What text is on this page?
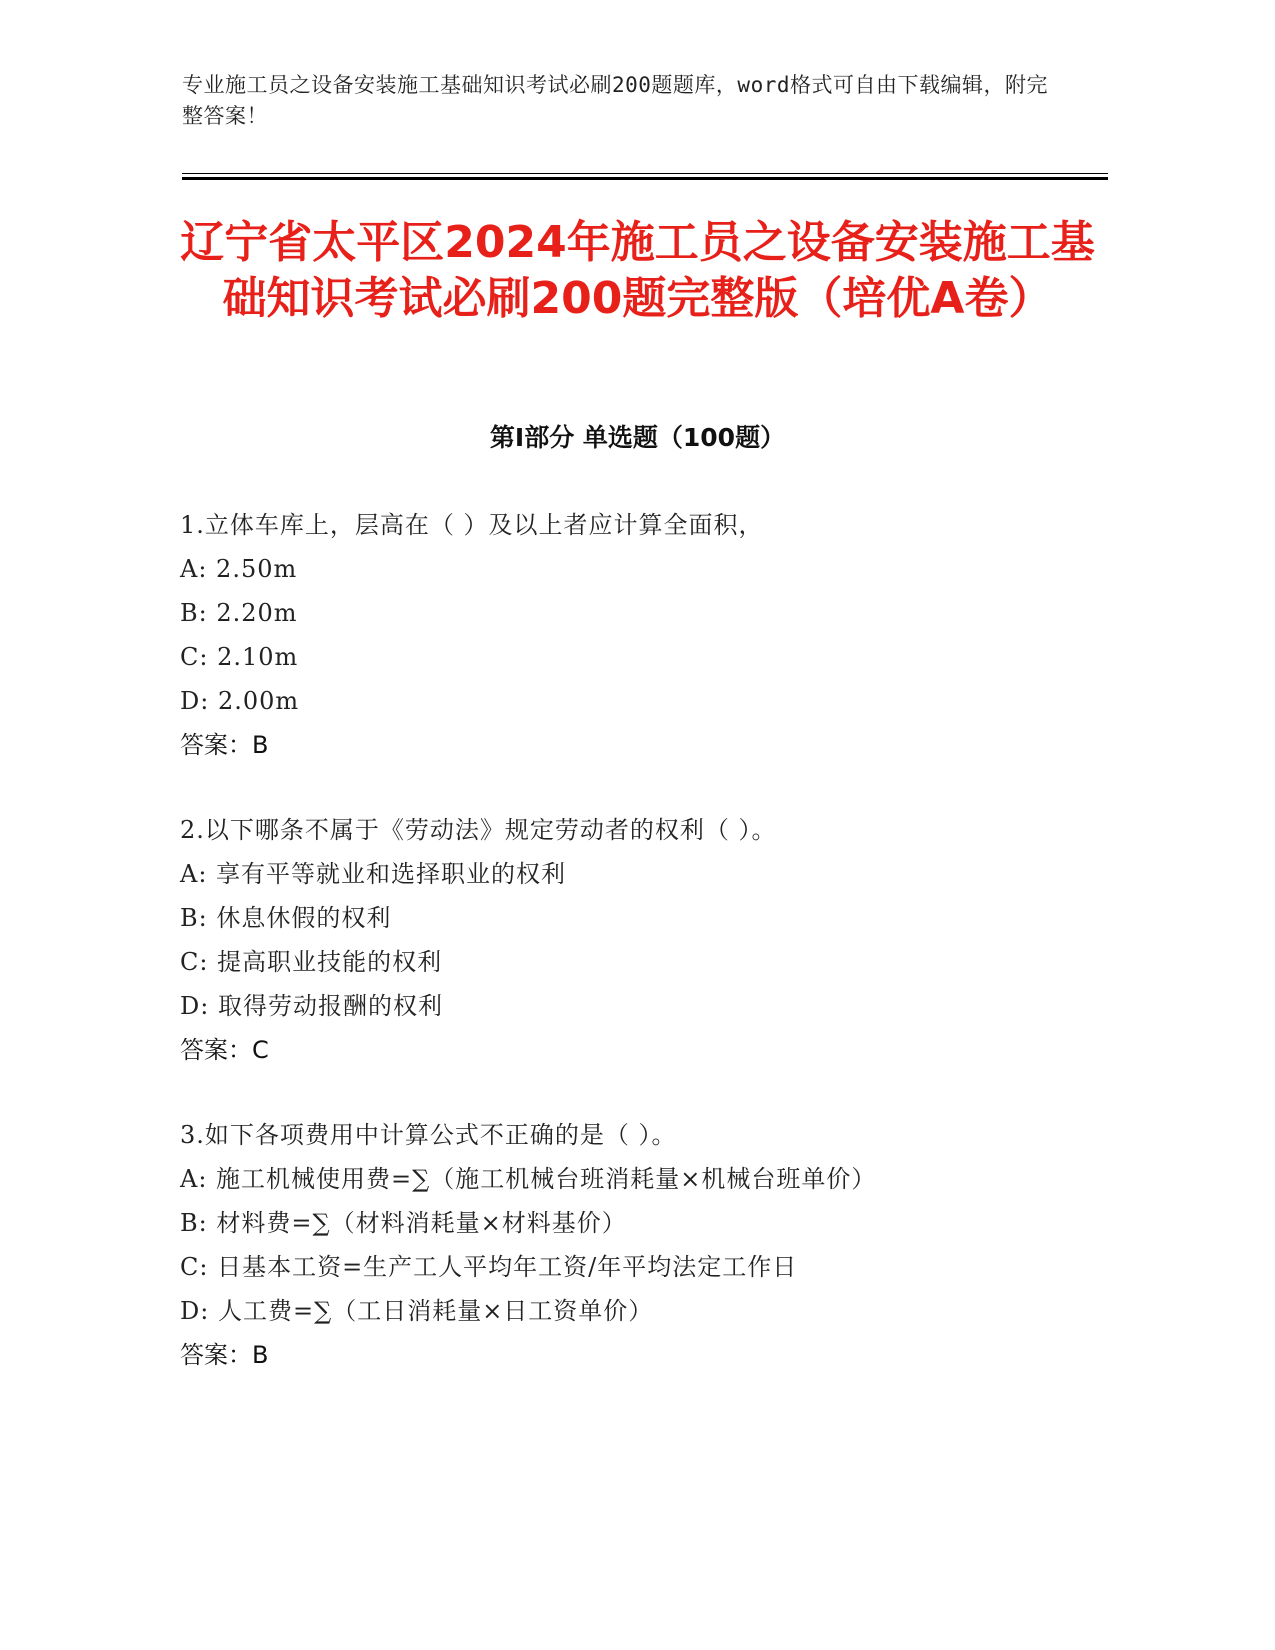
专业施工员之设备安装施工基础知识考试必刷200题题库，word格式可自由下载编辑，附完整答案！
辽宁省太平区2024年施工员之设备安装施工基础知识考试必刷200题完整版（培优A卷）
第I部分 单选题（100题）
1.立体车库上，层高在（ ）及以上者应计算全面积，
A: 2.50m
B: 2.20m
C: 2.10m
D: 2.00m
答案：B
2.以下哪条不属于《劳动法》规定劳动者的权利（ ）。
A: 享有平等就业和选择职业的权利
B: 休息休假的权利
C: 提高职业技能的权利
D: 取得劳动报酬的权利
答案：C
3.如下各项费用中计算公式不正确的是（ ）。
A: 施工机械使用费=∑（施工机械台班消耗量×机械台班单价）
B: 材料费=∑（材料消耗量×材料基价）
C: 日基本工资=生产工人平均年工资/年平均法定工作日
D: 人工费=∑（工日消耗量×日工资单价）
答案：B
